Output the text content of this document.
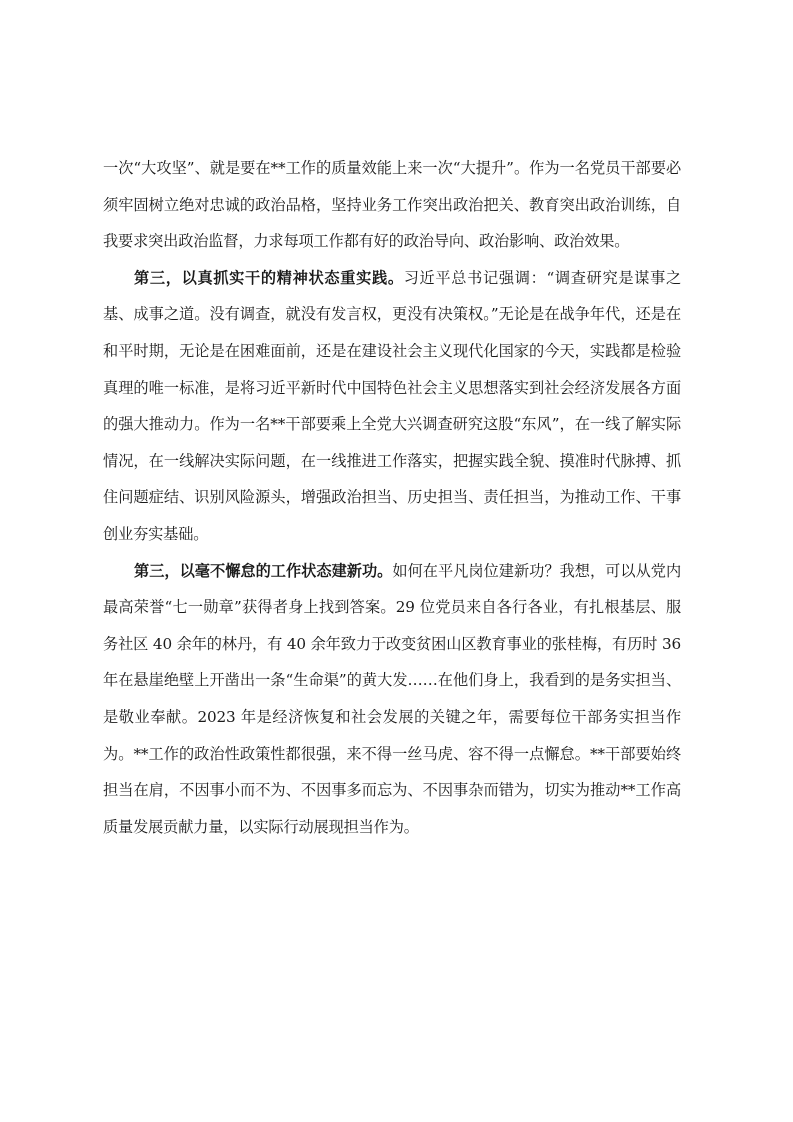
一次“大攻坚”、就是要在**工作的质量效能上来一次“大提升”。作为一名党员干部要必须牢固树立绝对忠诚的政治品格，坚持业务工作突出政治把关、教育突出政治训练，自我要求突出政治监督，力求每项工作都有好的政治导向、政治影响、政治效果。

第三，以真抓实干的精神状态重实践。习近平总书记强调：“调查研究是谋事之基、成事之道。没有调查，就没有发言权，更没有决策权。”无论是在战争年代，还是在和平时期，无论是在困难面前，还是在建设社会主义现代化国家的今天，实践都是检验真理的唯一标准，是将习近平新时代中国特色社会主义思想落实到社会经济发展各方面的强大推动力。作为一名**干部要乘上全党大兴调查研究这股“东风”，在一线了解实际情况，在一线解决实际问题，在一线推进工作落实，把握实践全貌、摸准时代脉搏、抓住问题症结、识别风险源头，增强政治担当、历史担当、责任担当，为推动工作、干事创业夯实基础。

第三，以毫不懈怠的工作状态建新功。如何在平凡岗位建新功？我想，可以从党内最高荣誉“七一勋章”获得者身上找到答案。29 位党员来自各行各业，有扎根基层、服务社区 40 余年的林丹，有 40 余年致力于改变贫困山区教育事业的张桂梅，有历时 36 年在悬崖绝壁上开凿出一条“生命渠”的黄大发……在他们身上，我看到的是务实担当、是敬业奉献。2023 年是经济恢复和社会发展的关键之年，需要每位干部务实担当作为。**工作的政治性政策性都很强，来不得一丝马虎、容不得一点懈怠。**干部要始终担当在肩，不因事小而不为、不因事多而忘为、不因事杂而错为，切实为推动**工作高质量发展贡献力量，以实际行动展现担当作为。
